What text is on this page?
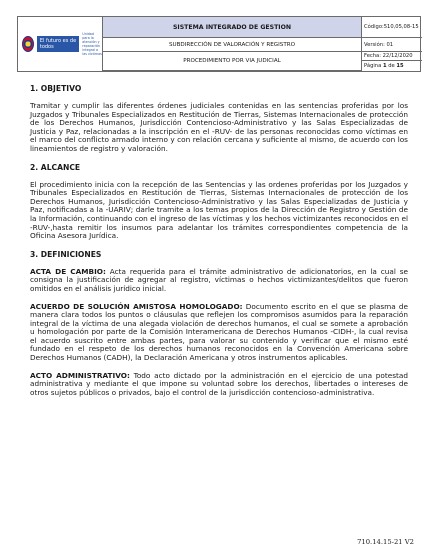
El futuro es de todos
Unidad para la atención y reparación integral a las víctimas
SISTEMA INTEGRADO DE GESTION	Código:510,05,08-15
SUBDIRECCIÓN DE VALORACIÓN Y REGISTRO	Versión: 01
PROCEDIMIENTO POR VIA JUDICIAL
Fecha: 22/12/2020
Página
1
de
15
1. OBJETIVO

Tramitar y cumplir las diferentes órdenes judiciales contenidas en las sentencias proferidas por los Juzgados y Tribunales Especializados en Restitución de Tierras, Sistemas Internacionales de protección de los Derechos Humanos, Jurisdicción Contencioso-Administrativo y las Salas Especializadas de Justicia y Paz, relacionadas a la inscripción en el -RUV- de las personas reconocidas como víctimas en el marco del conflicto armado interno y con relación cercana y suficiente al mismo, de acuerdo con los lineamientos de registro y valoración.

2. ALCANCE

El procedimiento inicia con la recepción de las Sentencias y las ordenes proferidas por los Juzgados y Tribunales Especializados en Restitución de Tierras, Sistemas Internacionales de protección de los Derechos Humanos, Jurisdicción Contencioso-Administrativo y las Salas Especializadas de Justicia y Paz, notificadas a la -UARIV; darle tramite a los temas propios de la Dirección de Registro y Gestión de la Información, continuando con el ingreso de las víctimas y los hechos victimizantes reconocidos en el -RUV-,hasta remitir los insumos para adelantar los trámites correspondientes competencia de la Oficina Asesora Jurídica.

3. DEFINICIONES

ACTA DE CAMBIO: Acta requerida para el trámite administrativo de adicionatorios, en la cual se consigna la justificación de agregar al registro, víctimas o hechos victimizantes/delitos que fueron omitidos en el análisis jurídico inicial.

ACUERDO DE SOLUCIÓN AMISTOSA HOMOLOGADO: Documento escrito en el que se plasma de manera clara todos los puntos o cláusulas que reflejen los compromisos asumidos para la reparación integral de la víctima de una alegada violación de derechos humanos, el cual se somete a aprobación u homologación por parte de la Comisión Interamericana de Derechos Humanos -CIDH-, la cual revisa el acuerdo suscrito entre ambas partes, para valorar su contenido y verificar que el mismo esté fundado en el respeto de los derechos humanos reconocidos en la Convención Americana sobre Derechos Humanos (CADH), la Declaración Americana y otros instrumentos aplicables.

ACTO ADMINISTRATIVO: Todo acto dictado por la administración en el ejercicio de una potestad administrativa y mediante el que impone su voluntad sobre los derechos, libertades o intereses de otros sujetos públicos o privados, bajo el control de la jurisdicción contencioso-administrativa.

710.14.15-21 V2
